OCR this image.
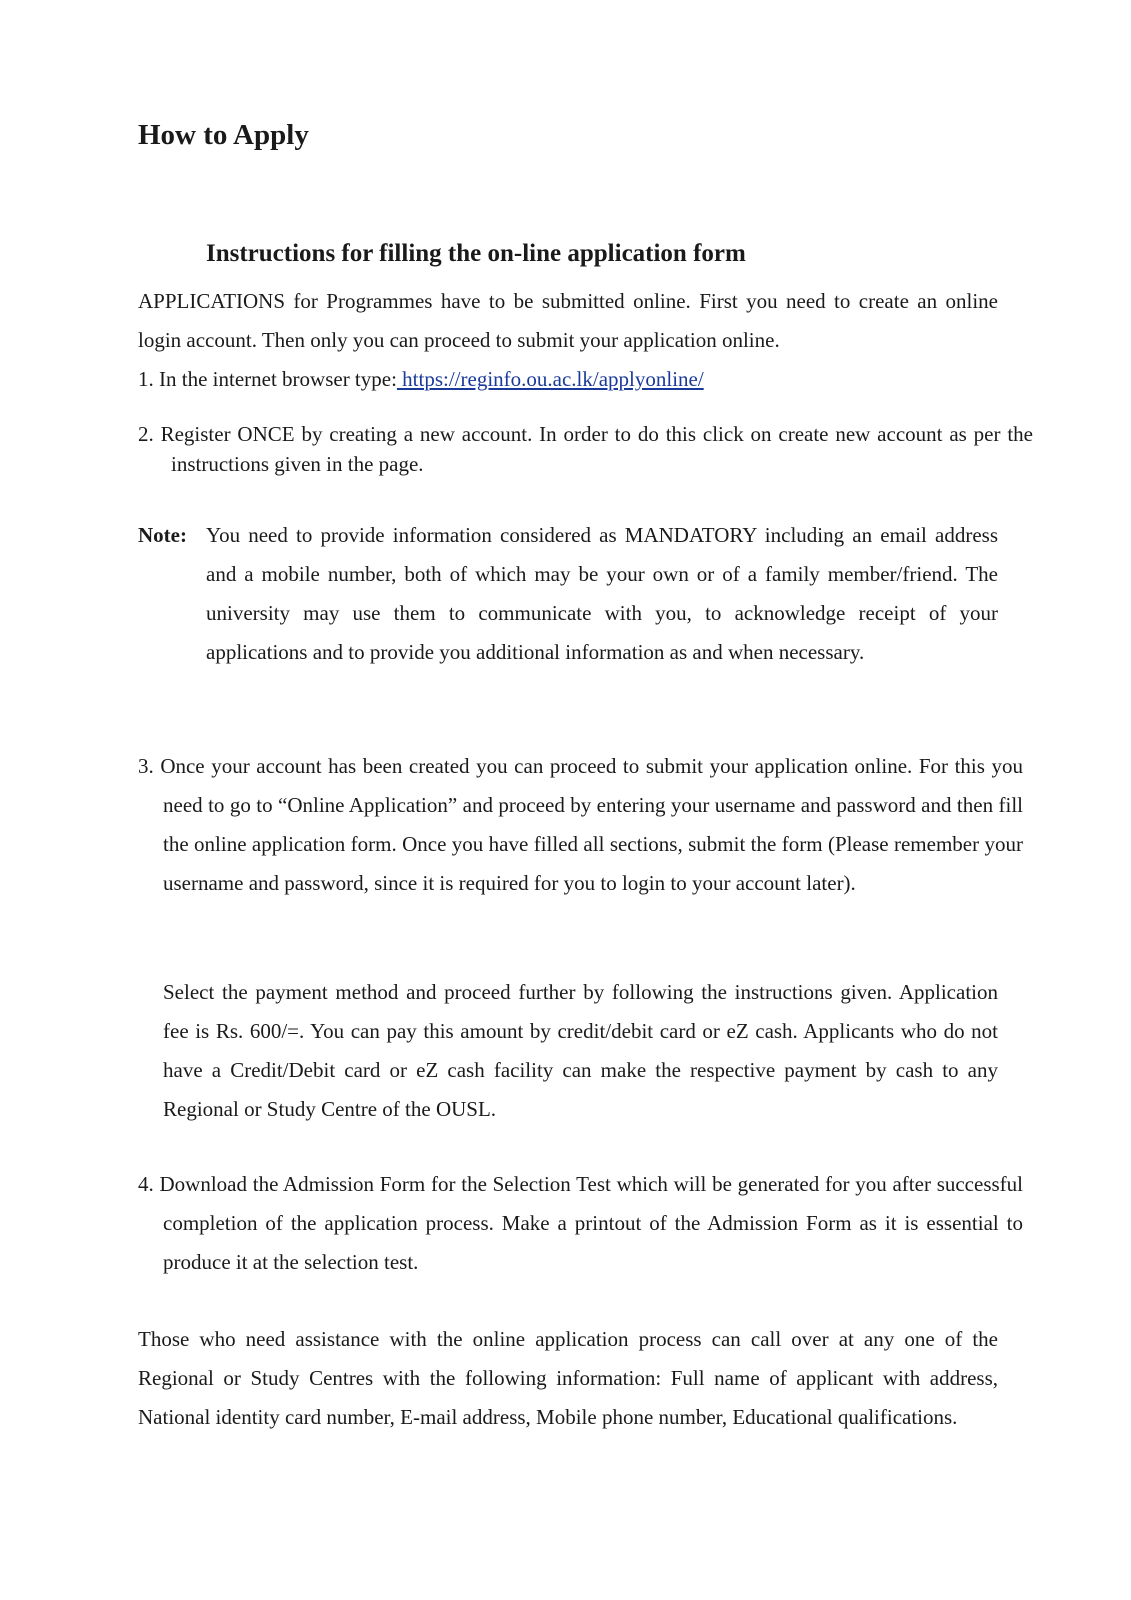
How to Apply
Instructions for filling the on-line application form

APPLICATIONS for Programmes have to be submitted online. First you need to create an online login account. Then only you can proceed to submit your application online.

1. In the internet browser type: https://reginfo.ou.ac.lk/applyonline/

2. Register ONCE by creating a new account. In order to do this click on create new account as per the instructions given in the page.

Note: You need to provide information considered as MANDATORY including an email address and a mobile number, both of which may be your own or of a family member/friend. The university may use them to communicate with you, to acknowledge receipt of your applications and to provide you additional information as and when necessary.

3. Once your account has been created you can proceed to submit your application online. For this you need to go to “Online Application” and proceed by entering your username and password and then fill the online application form. Once you have filled all sections, submit the form (Please remember your username and password, since it is required for you to login to your account later).

Select the payment method and proceed further by following the instructions given. Application fee is Rs. 600/=. You can pay this amount by credit/debit card or eZ cash. Applicants who do not have a Credit/Debit card or eZ cash facility can make the respective payment by cash to any Regional or Study Centre of the OUSL.

4. Download the Admission Form for the Selection Test which will be generated for you after successful completion of the application process. Make a printout of the Admission Form as it is essential to produce it at the selection test.

Those who need assistance with the online application process can call over at any one of the Regional or Study Centres with the following information: Full name of applicant with address, National identity card number, E-mail address, Mobile phone number, Educational qualifications.
